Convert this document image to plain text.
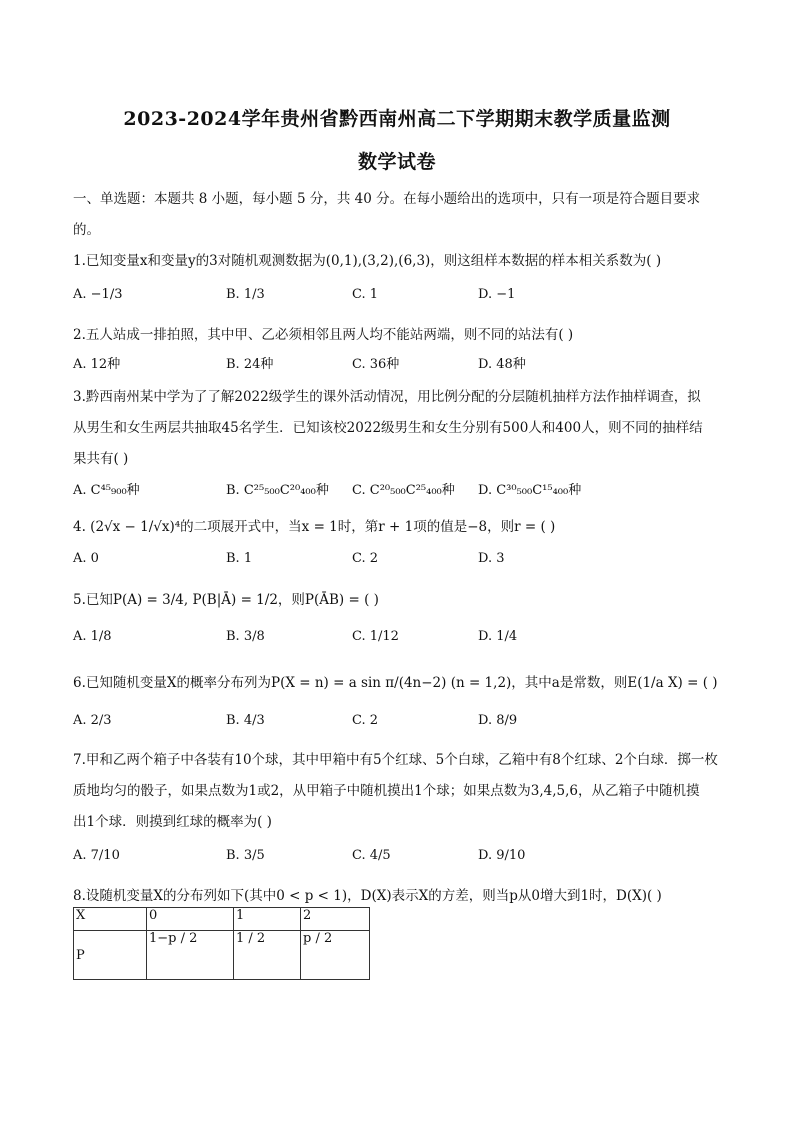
2023-2024学年贵州省黔西南州高二下学期期末教学质量监测
数学试卷
一、单选题：本题共 8 小题，每小题 5 分，共 40 分。在每小题给出的选项中，只有一项是符合题目要求
的。
1.已知变量x和变量y的3对随机观测数据为(0,1),(3,2),(6,3)，则这组样本数据的样本相关系数为( )
A. −1/3	B. 1/3	C. 1	D. −1
2.五人站成一排拍照，其中甲、乙必须相邻且两人均不能站两端，则不同的站法有( )
A. 12种	B. 24种	C. 36种	D. 48种
3.黔西南州某中学为了了解2022级学生的课外活动情况，用比例分配的分层随机抽样方法作抽样调查，拟
从男生和女生两层共抽取45名学生．已知该校2022级男生和女生分别有500人和400人，则不同的抽样结
果共有( )
A. C⁴⁵₉₀₀种	B. C²⁵₅₀₀C²⁰₄₀₀种 C. C²⁰₅₀₀C²⁵₄₀₀种 D. C³⁰₅₀₀C¹⁵₄₀₀种
4. (2√x − 1/√x)⁴的二项展开式中，当x = 1时，第r + 1项的值是−8，则r = ( )
A. 0	B. 1	C. 2	D. 3
5.已知P(A) = 3/4, P(B|Ā) = 1/2，则P(ĀB) = ( )
A. 1/8	B. 3/8	C. 1/12	D. 1/4
6.已知随机变量X的概率分布列为P(X = n) = a sin π/(4n−2) (n = 1,2)，其中a是常数，则E(1/a X) = ( )
A. 2/3	B. 4/3	C. 2	D. 8/9
7.甲和乙两个箱子中各装有10个球，其中甲箱中有5个红球、5个白球，乙箱中有8个红球、2个白球．掷一枚
质地均匀的骰子，如果点数为1或2，从甲箱子中随机摸出1个球；如果点数为3,4,5,6，从乙箱子中随机摸
出1个球．则摸到红球的概率为( )
A. 7/10	B. 3/5	C. 4/5	D. 9/10
8.设随机变量X的分布列如下(其中0 < p < 1)，D(X)表示X的方差，则当p从0增大到1时，D(X)( )
X	0	1	2
P	1−p / 2	1 / 2	p / 2
